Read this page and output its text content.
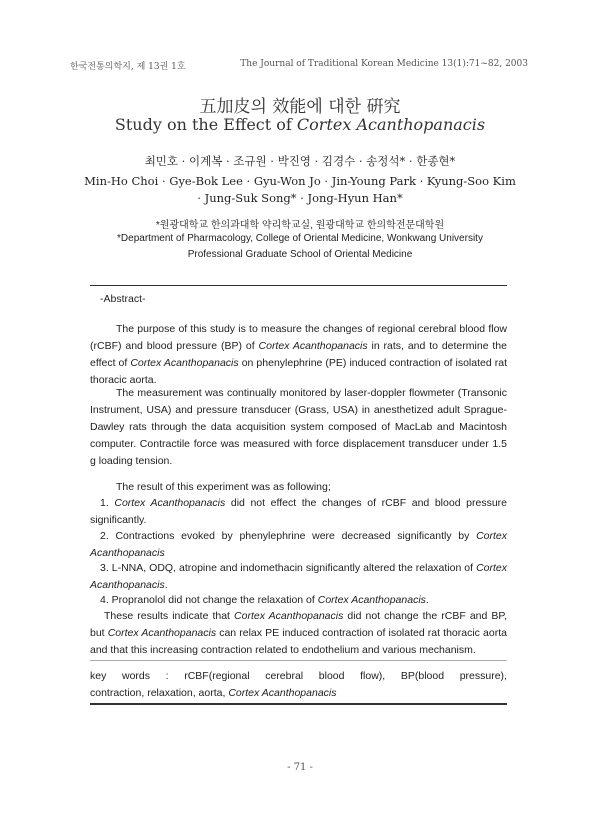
한국전통의학지, 제 13권 1호	The Journal of Traditional Korean Medicine 13(1):71~82, 2003
五加皮의 效能에 대한 硏究
Study on the Effect of Cortex Acanthopanacis
최민호 · 이계복 · 조규원 · 박진영 · 김경수 · 송정석* · 한종현*
Min-Ho Choi · Gye-Bok Lee · Gyu-Won Jo · Jin-Young Park · Kyung-Soo Kim
· Jung-Suk Song* · Jong-Hyun Han*
*원광대학교 한의과대학 약리학교실, 원광대학교 한의학전문대학원
*Department of Pharmacology, College of Oriental Medicine, Wonkwang University
Professional Graduate School of Oriental Medicine
-Abstract-

The purpose of this study is to measure the changes of regional cerebral blood flow (rCBF) and blood pressure (BP) of Cortex Acanthopanacis in rats, and to determine the effect of Cortex Acanthopanacis on phenylephrine (PE) induced contraction of isolated rat thoracic aorta.

The measurement was continually monitored by laser-doppler flowmeter (Transonic Instrument, USA) and pressure transducer (Grass, USA) in anesthetized adult Sprague-Dawley rats through the data acquisition system composed of MacLab and Macintosh computer. Contractile force was measured with force displacement transducer under 1.5 g loading tension.

The result of this experiment was as following;

1. Cortex Acanthopanacis did not effect the changes of rCBF and blood pressure significantly.

2. Contractions evoked by phenylephrine were decreased significantly by Cortex Acanthopanacis

3. L-NNA, ODQ, atropine and indomethacin significantly altered the relaxation of Cortex Acanthopanacis.

4. Propranolol did not change the relaxation of Cortex Acanthopanacis.

These results indicate that Cortex Acanthopanacis did not change the rCBF and BP, but Cortex Acanthopanacis can relax PE induced contraction of isolated rat thoracic aorta and that this increasing contraction related to endothelium and various mechanism.

key words : rCBF(regional cerebral blood flow), BP(blood pressure),
contraction, relaxation, aorta, Cortex Acanthopanacis
- 71 -
